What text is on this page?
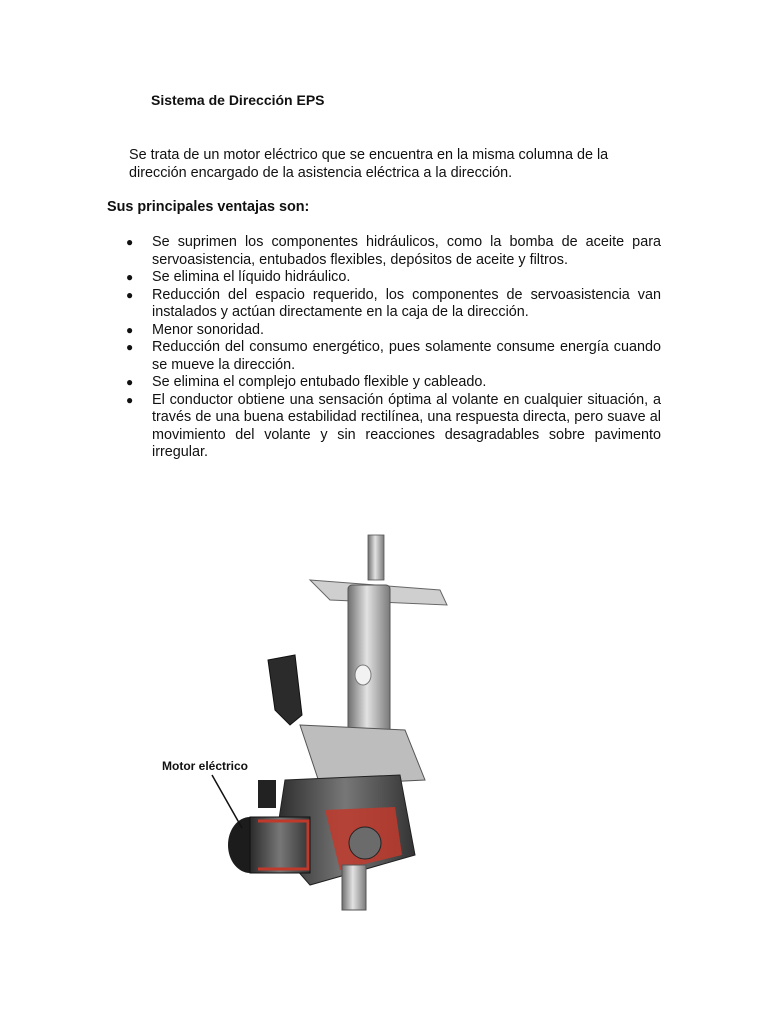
Sistema de Dirección EPS
Se trata de un motor eléctrico que se encuentra en la misma columna de la dirección encargado de la asistencia eléctrica a la dirección.
Sus principales ventajas son:
● Se suprimen los componentes hidráulicos, como la bomba de aceite para servoasistencia, entubados flexibles, depósitos de aceite y filtros.
● Se elimina el líquido hidráulico.
● Reducción del espacio requerido, los componentes de servoasistencia van instalados y actúan directamente en la caja de la dirección.
● Menor sonoridad.
● Reducción del consumo energético, pues solamente consume energía cuando se mueve la dirección.
● Se elimina el complejo entubado flexible y cableado.
● El conductor obtiene una sensación óptima al volante en cualquier situación, a través de una buena estabilidad rectilínea, una respuesta directa, pero suave al movimiento del volante y sin reacciones desagradables sobre pavimento irregular.
Motor eléctrico
